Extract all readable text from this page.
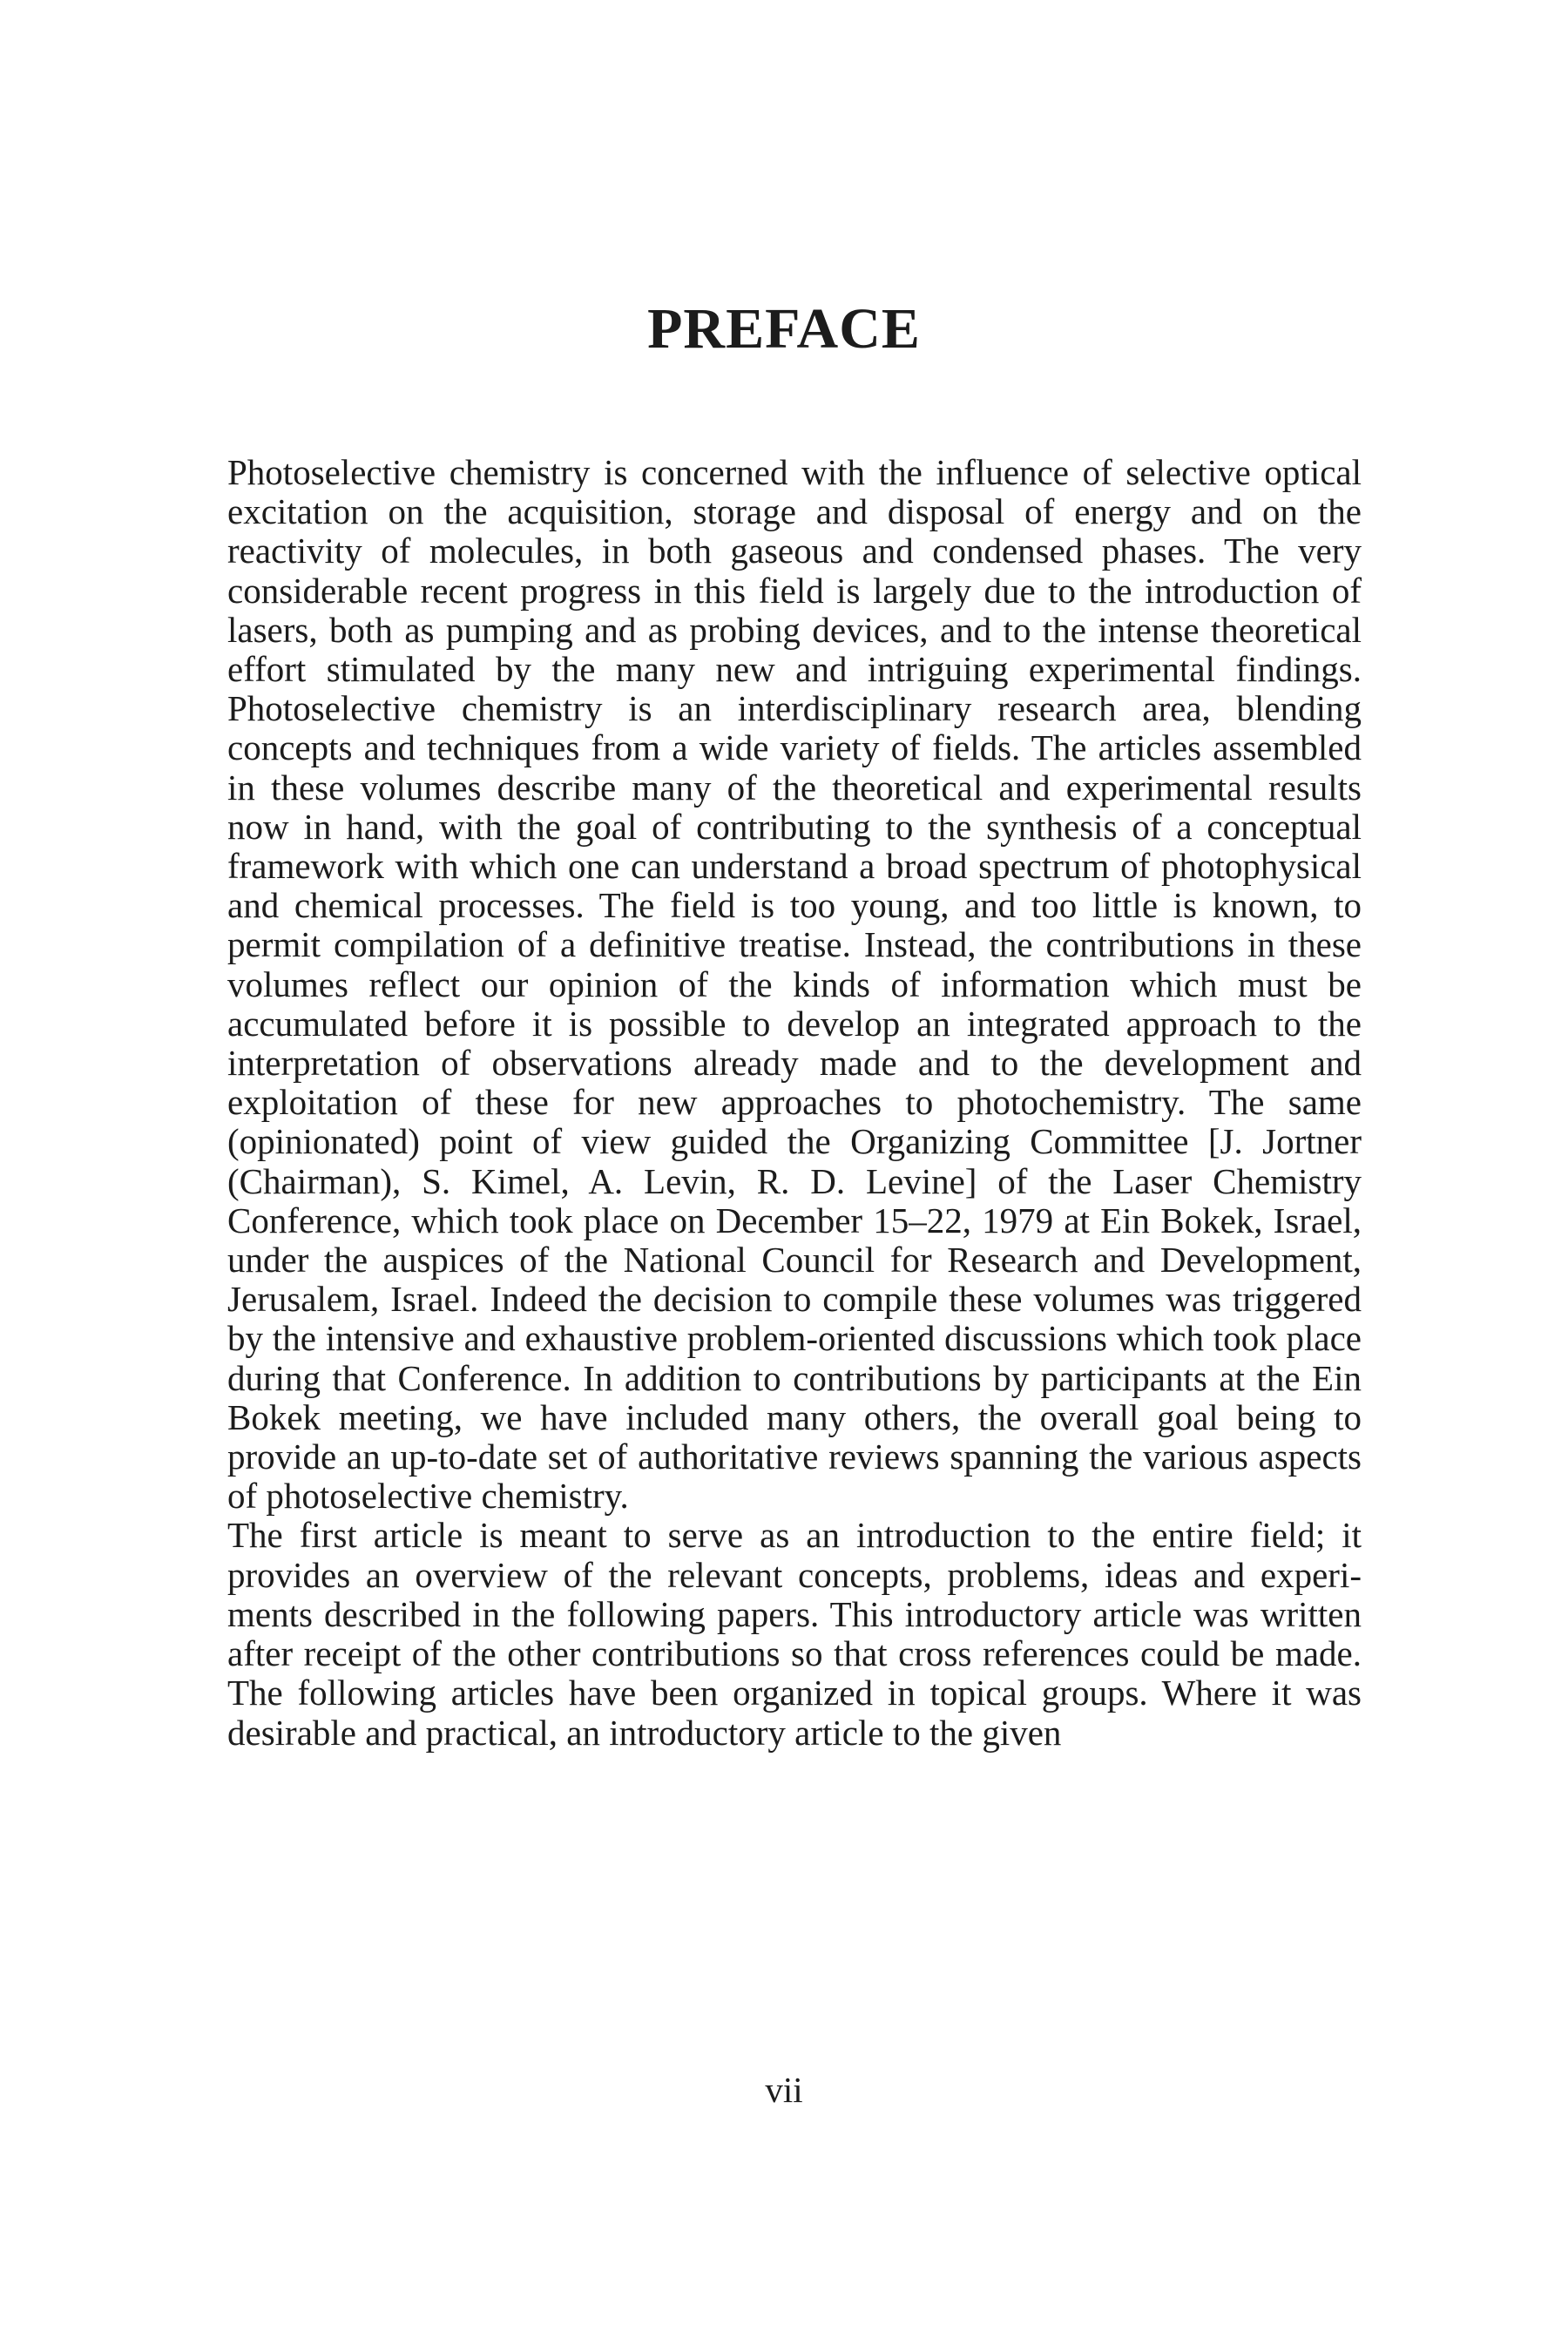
PREFACE

Photoselective chemistry is concerned with the influence of selective optical excitation on the acquisition, storage and disposal of energy and on the reactivity of molecules, in both gaseous and condensed phases. The very considerable recent progress in this field is largely due to the introduction of lasers, both as pumping and as probing devices, and to the intense theoretical effort stimulated by the many new and intriguing experimental findings. Photoselective chemistry is an interdisciplinary research area, blending concepts and techniques from a wide variety of fields. The articles assembled in these volumes describe many of the theoretical and experimental results now in hand, with the goal of contributing to the synthesis of a conceptual framework with which one can understand a broad spectrum of photophysical and chemical processes. The field is too young, and too little is known, to permit compilation of a definitive treatise. Instead, the contributions in these volumes reflect our opinion of the kinds of information which must be accumulated before it is possible to develop an integrated approach to the interpretation of observations already made and to the development and exploitation of these for new approaches to photochemistry. The same (opinionated) point of view guided the Organizing Committee [J. Jortner (Chairman), S. Kimel, A. Levin, R. D. Levine] of the Laser Chemistry Conference, which took place on December 15–22, 1979 at Ein Bokek, Israel, under the auspices of the National Council for Research and Development, Jerusalem, Israel. Indeed the decision to compile these volumes was triggered by the intensive and exhaustive problem-oriented discussions which took place during that Conference. In addition to contributions by participants at the Ein Bokek meeting, we have included many others, the overall goal being to provide an up-to-date set of authoritative reviews spanning the various aspects of photoselective chemistry.

The first article is meant to serve as an introduction to the entire field; it provides an overview of the relevant concepts, problems, ideas and experiments described in the following papers. This introductory article was written after receipt of the other contributions so that cross references could be made. The following articles have been organized in topical groups. Where it was desirable and practical, an introductory article to the given

vii
